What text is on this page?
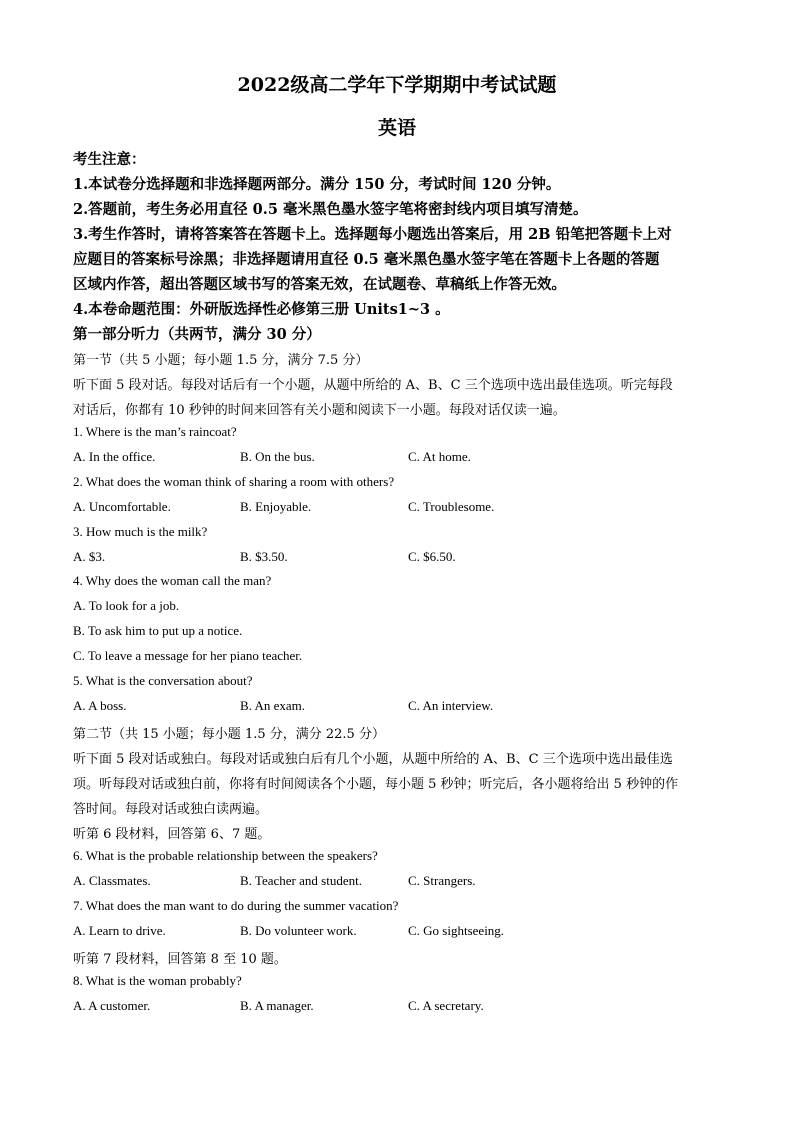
2022级高二学年下学期期中考试试题
英语
考生注意：
1.本试卷分选择题和非选择题两部分。满分 150 分，考试时间 120 分钟。
2.答题前，考生务必用直径 0.5 毫米黑色墨水签字笔将密封线内项目填写清楚。
3.考生作答时，请将答案答在答题卡上。选择题每小题选出答案后，用 2B 铅笔把答题卡上对
应题目的答案标号涂黑；非选择题请用直径 0.5 毫米黑色墨水签字笔在答题卡上各题的答题
区域内作答，超出答题区域书写的答案无效，在试题卷、草稿纸上作答无效。
4.本卷命题范围：外研版选择性必修第三册 Units1~3 。
第一部分听力（共两节，满分 30 分）
第一节（共 5 小题；每小题 1.5 分，满分 7.5 分）
听下面 5 段对话。每段对话后有一个小题，从题中所给的 A、B、C 三个选项中选出最佳选项。听完每段
对话后，你都有 10 秒钟的时间来回答有关小题和阅读下一小题。每段对话仅读一遍。
1. Where is the man’s raincoat?
A. In the office.	B. On the bus.	C. At home.
2. What does the woman think of sharing a room with others?
A. Uncomfortable.	B. Enjoyable.	C. Troublesome.
3. How much is the milk?
A. $3.	B. $3.50.	C. $6.50.
4. Why does the woman call the man?
A. To look for a job.
B. To ask him to put up a notice.
C. To leave a message for her piano teacher.
5. What is the conversation about?
A. A boss.	B. An exam.	C. An interview.
第二节（共 15 小题；每小题 1.5 分，满分 22.5 分）
听下面 5 段对话或独白。每段对话或独白后有几个小题，从题中所给的 A、B、C 三个选项中选出最佳选
项。听每段对话或独白前，你将有时间阅读各个小题，每小题 5 秒钟；听完后，各小题将给出 5 秒钟的作
答时间。每段对话或独白读两遍。
听第 6 段材料，回答第 6、7 题。
6. What is the probable relationship between the speakers?
A. Classmates.	B. Teacher and student.	C. Strangers.
7. What does the man want to do during the summer vacation?
A. Learn to drive.	B. Do volunteer work.	C. Go sightseeing.
听第 7 段材料，回答第 8 至 10 题。
8. What is the woman probably?
A. A customer.	B. A manager.	C. A secretary.
